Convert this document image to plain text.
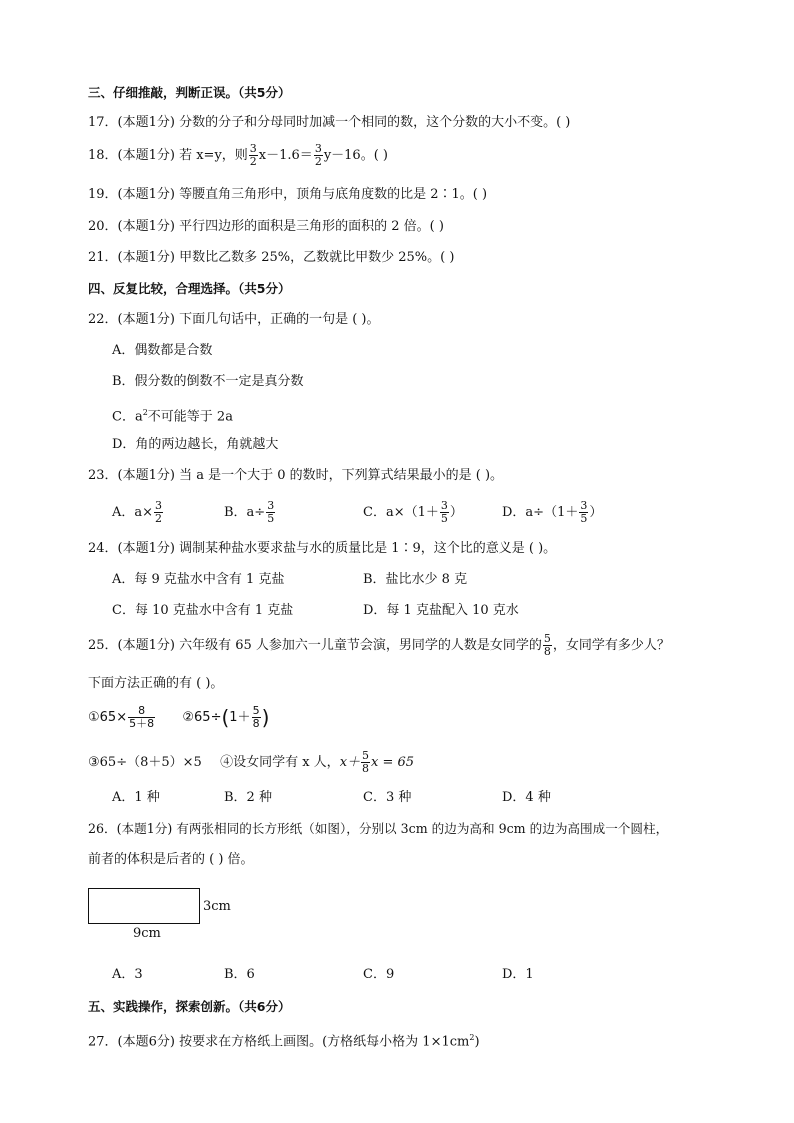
三、仔细推敲，判断正误。（共5分）
17．(本题1分) 分数的分子和分母同时加减一个相同的数，这个分数的大小不变。( )
18．(本题1分) 若 x=y，则 $\frac{3}{2} x-1.6= \frac{3}{2} y-16$。( )
19．(本题1分) 等腰直角三角形中，顶角与底角度数的比是 2∶1。( )
20．(本题1分) 平行四边形的面积是三角形的面积的 2 倍。( )
21．(本题1分) 甲数比乙数多 25%，乙数就比甲数少 25%。( )
四、反复比较，合理选择。（共5分）
22．(本题1分) 下面几句话中，正确的一句是 ( )。
A．偶数都是合数
B．假分数的倒数不一定是真分数
C．$a^2$不可能等于 2a
D．角的两边越长，角就越大
23．(本题1分) 当 a 是一个大于 0 的数时，下列算式结果最小的是 ( )。
A．$a\times \frac{3}{2}$	B．$a\div \frac{3}{5}$	C．$a\times(1+ \frac{3}{5}$ ）	D．$a\div(1+ \frac{3}{5}$ ）
24．(本题1分) 调制某种盐水要求盐与水的质量比是 1∶9，这个比的意义是 ( )。
A．每 9 克盐水中含有 1 克盐	B．盐比水少 8 克
C．每 10 克盐水中含有 1 克盐	D．每 1 克盐配入 10 克水
25．(本题1分) 六年级有 65 人参加六一儿童节会演，男同学的人数是女同学的 $\frac{5}{8}$ ，女同学有多少人？
下面方法正确的有 ( )。
①65× $\frac{8}{5+8}$ ②65÷(1＋ $\frac{5}{8}$ )
③65÷（8＋5）×5 ④设女同学有 x 人，$x+ \frac{5}{8}$ x = 65
A．1 种	B．2 种	C．3 种	D．4 种
26．(本题1分) 有两张相同的长方形纸（如图），分别以 3cm 的边为高和 9cm 的边为高围成一个圆柱，
前者的体积是后者的 ( ) 倍。
3cm
9cm
A．3	B．6	C．9	D．1
五、实践操作，探索创新。（共6分）
27．(本题6分) 按要求在方格纸上画图。(方格纸每小格为 $1\times 1cm^2$)
